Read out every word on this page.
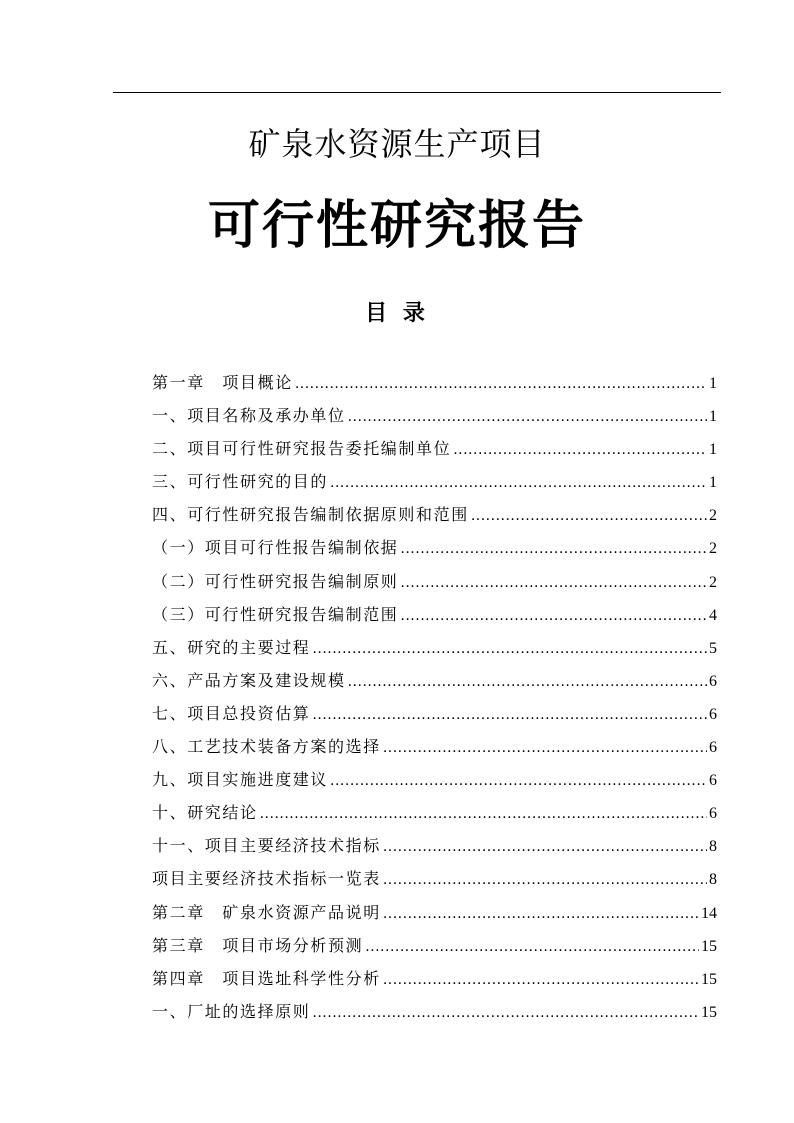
矿泉水资源生产项目
可行性研究报告
目 录
第一章　项目概论 .....	1
一、项目名称及承办单位 .....	1
二、项目可行性研究报告委托编制单位 .....	1
三、可行性研究的目的 .....	1
四、可行性研究报告编制依据原则和范围 .....	2
（一）项目可行性报告编制依据 .....	2
（二）可行性研究报告编制原则 .....	2
（三）可行性研究报告编制范围 .....	4
五、研究的主要过程 .....	5
六、产品方案及建设规模 .....	6
七、项目总投资估算 .....	6
八、工艺技术装备方案的选择 .....	6
九、项目实施进度建议 .....	6
十、研究结论 .....	6
十一、项目主要经济技术指标 .....	8
项目主要经济技术指标一览表 .....	8
第二章　矿泉水资源产品说明 .....	14
第三章　项目市场分析预测 .....	15
第四章　项目选址科学性分析 .....	15
一、厂址的选择原则 .....	15
